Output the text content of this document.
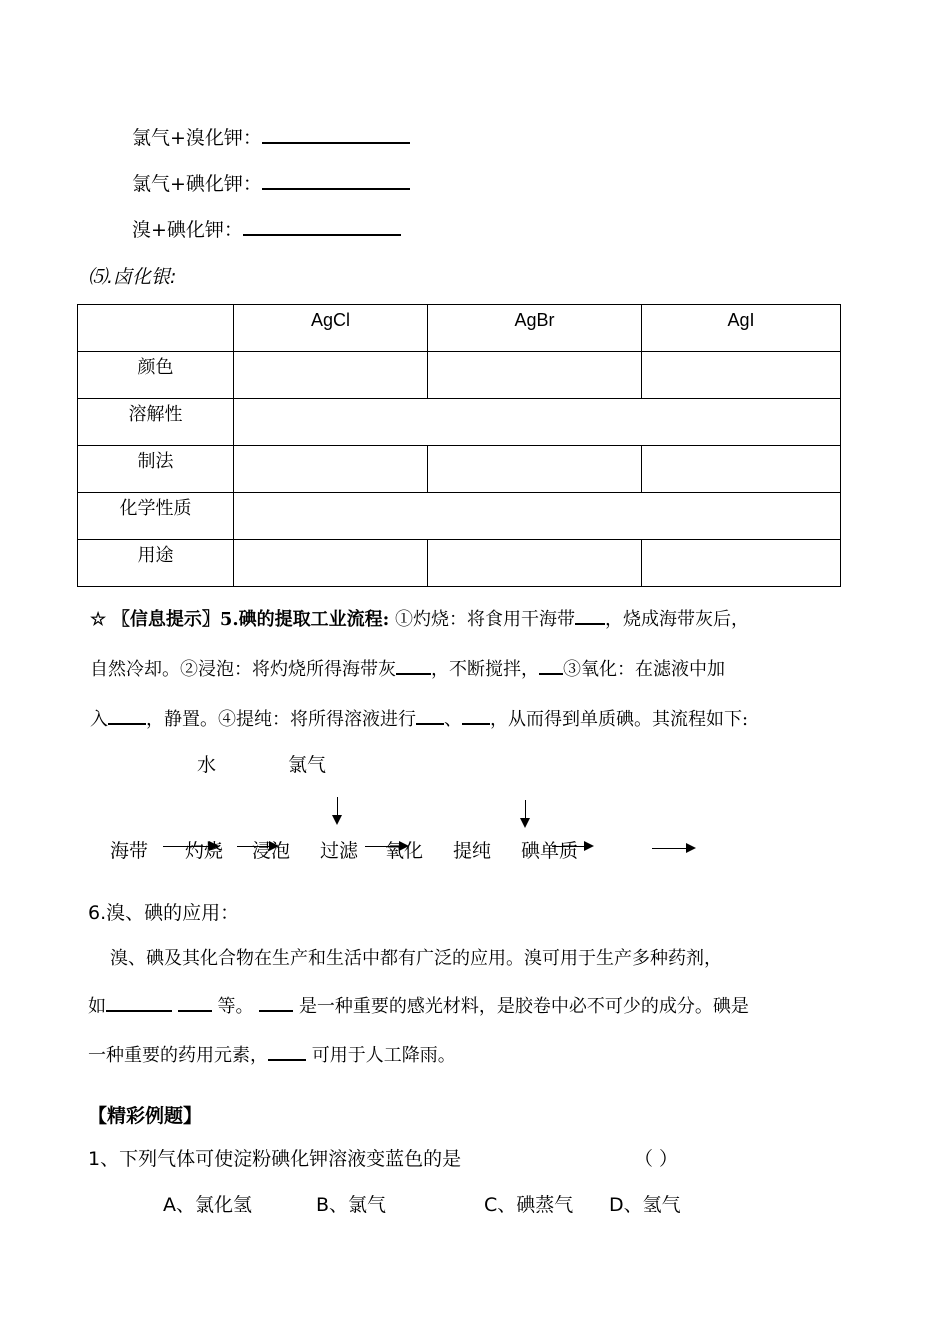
氯气+溴化钾：
氯气+碘化钾：
溴+碘化钾：
⑸.卤化银:
	AgCl	AgBr	AgI
颜色			
溶解性			
制法			
化学性质			
用途			
☆ 〖信息提示〗5.碘的提取工业流程: ①灼烧：将食用干海带 ，烧成海带灰后，
自然冷却。②浸泡：将灼烧所得海带灰 ，不断搅拌， ③氧化：在滤液中加
入 ，静置。④提纯：将所得溶液进行 、 ，从而得到单质碘。其流程如下:
水	氯气
海带 灼烧 浸泡 过滤 氧化 提纯 碘单质
6.溴、碘的应用：
溴、碘及其化合物在生产和生活中都有广泛的应用。溴可用于生产多种药剂，
如	等。	是一种重要的感光材料，是胶卷中必不可少的成分。碘是
一种重要的药用元素， 可用于人工降雨。
【精彩例题】
1、下列气体可使淀粉碘化钾溶液变蓝色的是	（ ）
A、氯化氢	B、氯气	C、碘蒸气 D、氢气
